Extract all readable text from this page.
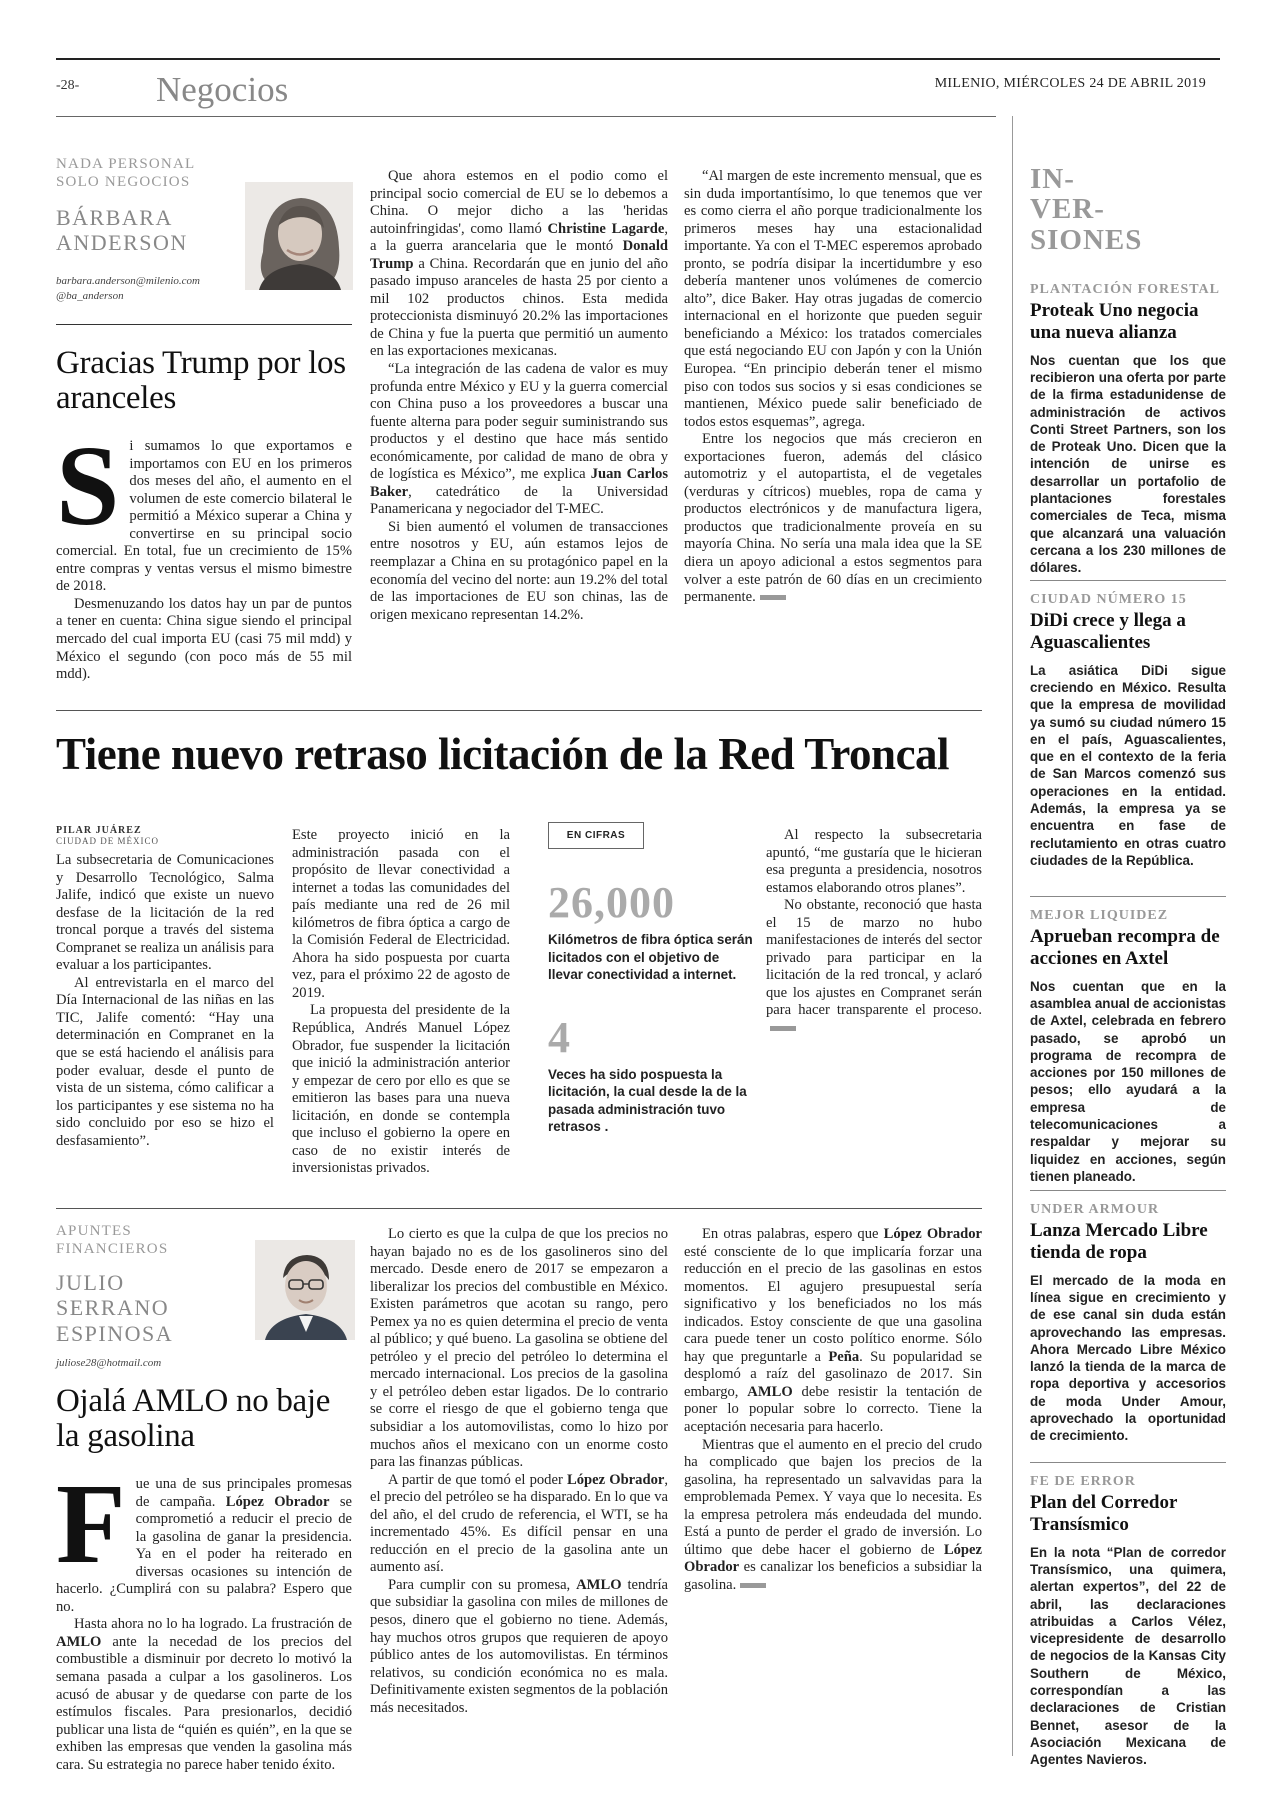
-28- Negocios	MILENIO, MIÉRCOLES 24 DE ABRIL 2019
NADA PERSONAL
SOLO NEGOCIOS
BÁRBARA
ANDERSON
barbara.anderson@milenio.com
@ba_anderson
Gracias Trump por los aranceles
S i sumamos lo que exportamos e importamos con EU en los primeros dos meses del año, el aumento en el volumen de este comercio bilateral le permitió a México superar a China y convertirse en su principal socio comercial. En total, fue un crecimiento de 15% entre compras y ventas versus el mismo bimestre de 2018.

Desmenuzando los datos hay un par de puntos a tener en cuenta: China sigue siendo el principal mercado del cual importa EU (casi 75 mil mdd) y México el segundo (con poco más de 55 mil mdd).

Que ahora estemos en el podio como el principal socio comercial de EU se lo debemos a China. O mejor dicho a las 'heridas autoinfringidas', como llamó Christine Lagarde, a la guerra arancelaria que le montó Donald Trump a China. Recordarán que en junio del año pasado impuso aranceles de hasta 25 por ciento a mil 102 productos chinos. Esta medida proteccionista disminuyó 20.2% las importaciones de China y fue la puerta que permitió un aumento en las exportaciones mexicanas.

“La integración de las cadena de valor es muy profunda entre México y EU y la guerra comercial con China puso a los proveedores a buscar una fuente alterna para poder seguir suministrando sus productos y el destino que hace más sentido económicamente, por calidad de mano de obra y de logística es México”, me explica Juan Carlos Baker, catedrático de la Universidad Panamericana y negociador del T-MEC.

Si bien aumentó el volumen de transacciones entre nosotros y EU, aún estamos lejos de reemplazar a China en su protagónico papel en la economía del vecino del norte: aun 19.2% del total de las importaciones de EU son chinas, las de origen mexicano representan 14.2%.

“Al margen de este incremento mensual, que es sin duda importantísimo, lo que tenemos que ver es como cierra el año porque tradicionalmente los primeros meses hay una estacionalidad importante. Ya con el T-MEC esperemos aprobado pronto, se podría disipar la incertidumbre y eso debería mantener unos volúmenes de comercio alto”, dice Baker. Hay otras jugadas de comercio internacional en el horizonte que pueden seguir beneficiando a México: los tratados comerciales que está negociando EU con Japón y con la Unión Europea. “En principio deberán tener el mismo piso con todos sus socios y si esas condiciones se mantienen, México puede salir beneficiado de todos estos esquemas”, agrega.

Entre los negocios que más crecieron en exportaciones fueron, además del clásico automotriz y el autopartista, el de vegetales (verduras y cítricos) muebles, ropa de cama y productos electrónicos y de manufactura ligera, productos que tradicionalmente proveía en su mayoría China. No sería una mala idea que la SE diera un apoyo adicional a estos segmentos para volver a este patrón de 60 días en un crecimiento permanente.

Tiene nuevo retraso licitación de la Red Troncal
PILAR JUÁREZ
CIUDAD DE MÉXICO

La subsecretaria de Comunicaciones y Desarrollo Tecnológico, Salma Jalife, indicó que existe un nuevo desfase de la licitación de la red troncal porque a través del sistema Compranet se realiza un análisis para evaluar a los participantes.

Al entrevistarla en el marco del Día Internacional de las niñas en las TIC, Jalife comentó: “Hay una determinación en Compranet en la que se está haciendo el análisis para poder evaluar, desde el punto de vista de un sistema, cómo calificar a los participantes y ese sistema no ha sido concluido por eso se hizo el desfasamiento”.

Este proyecto inició en la administración pasada con el propósito de llevar conectividad a internet a todas las comunidades del país mediante una red de 26 mil kilómetros de fibra óptica a cargo de la Comisión Federal de Electricidad. Ahora ha sido pospuesta por cuarta vez, para el próximo 22 de agosto de 2019.

La propuesta del presidente de la República, Andrés Manuel López Obrador, fue suspender la licitación que inició la administración anterior y empezar de cero por ello es que se emitieron las bases para una nueva licitación, en donde se contempla que incluso el gobierno la opere en caso de no existir interés de inversionistas privados.

EN CIFRAS
26,000
Kilómetros de fibra óptica serán licitados con el objetivo de llevar conectividad a internet.
4
Veces ha sido pospuesta la licitación, la cual desde la de la pasada administración tuvo retrasos .

Al respecto la subsecretaria apuntó, “me gustaría que le hicieran esa pregunta a presidencia, nosotros estamos elaborando otros planes”.

No obstante, reconoció que hasta el 15 de marzo no hubo manifestaciones de interés del sector privado para participar en la licitación de la red troncal, y aclaró que los ajustes en Compranet serán para hacer transparente el proceso.

APUNTES
FINANCIEROS
JULIO
SERRANO
ESPINOSA
juliose28@hotmail.com
Ojalá AMLO no baje la gasolina
F ue una de sus principales promesas de campaña. López Obrador se comprometió a reducir el precio de la gasolina de ganar la presidencia. Ya en el poder ha reiterado en diversas ocasiones su intención de hacerlo. ¿Cumplirá con su palabra? Espero que no.

Hasta ahora no lo ha logrado. La frustración de AMLO ante la necedad de los precios del combustible a disminuir por decreto lo motivó la semana pasada a culpar a los gasolineros. Los acusó de abusar y de quedarse con parte de los estímulos fiscales. Para presionarlos, decidió publicar una lista de “quién es quién”, en la que se exhiben las empresas que venden la gasolina más cara. Su estrategia no parece haber tenido éxito.

Lo cierto es que la culpa de que los precios no hayan bajado no es de los gasolineros sino del mercado. Desde enero de 2017 se empezaron a liberalizar los precios del combustible en México. Existen parámetros que acotan su rango, pero Pemex ya no es quien determina el precio de venta al público; y qué bueno. La gasolina se obtiene del petróleo y el precio del petróleo lo determina el mercado internacional. Los precios de la gasolina y el petróleo deben estar ligados. De lo contrario se corre el riesgo de que el gobierno tenga que subsidiar a los automovilistas, como lo hizo por muchos años el mexicano con un enorme costo para las finanzas públicas.

A partir de que tomó el poder López Obrador, el precio del petróleo se ha disparado. En lo que va del año, el del crudo de referencia, el WTI, se ha incrementado 45%. Es difícil pensar en una reducción en el precio de la gasolina ante un aumento así.

Para cumplir con su promesa, AMLO tendría que subsidiar la gasolina con miles de millones de pesos, dinero que el gobierno no tiene. Además, hay muchos otros grupos que requieren de apoyo público antes de los automovilistas. En términos relativos, su condición económica no es mala. Definitivamente existen segmentos de la población más necesitados.

En otras palabras, espero que López Obrador esté consciente de lo que implicaría forzar una reducción en el precio de las gasolinas en estos momentos. El agujero presupuestal sería significativo y los beneficiados no los más indicados. Estoy consciente de que una gasolina cara puede tener un costo político enorme. Sólo hay que preguntarle a Peña. Su popularidad se desplomó a raíz del gasolinazo de 2017. Sin embargo, AMLO debe resistir la tentación de poner lo popular sobre lo correcto. Tiene la aceptación necesaria para hacerlo.

Mientras que el aumento en el precio del crudo ha complicado que bajen los precios de la gasolina, ha representado un salvavidas para la emproblemada Pemex. Y vaya que lo necesita. Es la empresa petrolera más endeudada del mundo. Está a punto de perder el grado de inversión. Lo último que debe hacer el gobierno de López Obrador es canalizar los beneficios a subsidiar la gasolina.

IN-
VER-
SIONES
PLANTACIÓN FORESTAL
Proteak Uno negocia una nueva alianza
Nos cuentan que los que recibieron una oferta por parte de la firma estadunidense de administración de activos Conti Street Partners, son los de Proteak Uno. Dicen que la intención de unirse es desarrollar un portafolio de plantaciones forestales comerciales de Teca, misma que alcanzará una valuación cercana a los 230 millones de dólares.
CIUDAD NÚMERO 15
DiDi crece y llega a Aguascalientes
La asiática DiDi sigue creciendo en México. Resulta que la empresa de movilidad ya sumó su ciudad número 15 en el país, Aguascalientes, que en el contexto de la feria de San Marcos comenzó sus operaciones en la entidad. Además, la empresa ya se encuentra en fase de reclutamiento en otras cuatro ciudades de la República.
MEJOR LIQUIDEZ
Aprueban recompra de acciones en Axtel
Nos cuentan que en la asamblea anual de accionistas de Axtel, celebrada en febrero pasado, se aprobó un programa de recompra de acciones por 150 millones de pesos; ello ayudará a la empresa de telecomunicaciones a respaldar y mejorar su liquidez en acciones, según tienen planeado.
UNDER ARMOUR
Lanza Mercado Libre tienda de ropa
El mercado de la moda en línea sigue en crecimiento y de ese canal sin duda están aprovechando las empresas. Ahora Mercado Libre México lanzó la tienda de la marca de ropa deportiva y accesorios de moda Under Amour, aprovechado la oportunidad de crecimiento.
FE DE ERROR
Plan del Corredor Transísmico
En la nota “Plan de corredor Transísmico, una quimera, alertan expertos”, del 22 de abril, las declaraciones atribuidas a Carlos Vélez, vicepresidente de desarrollo de negocios de la Kansas City Southern de México, correspondían a las declaraciones de Cristian Bennet, asesor de la Asociación Mexicana de Agentes Navieros.
